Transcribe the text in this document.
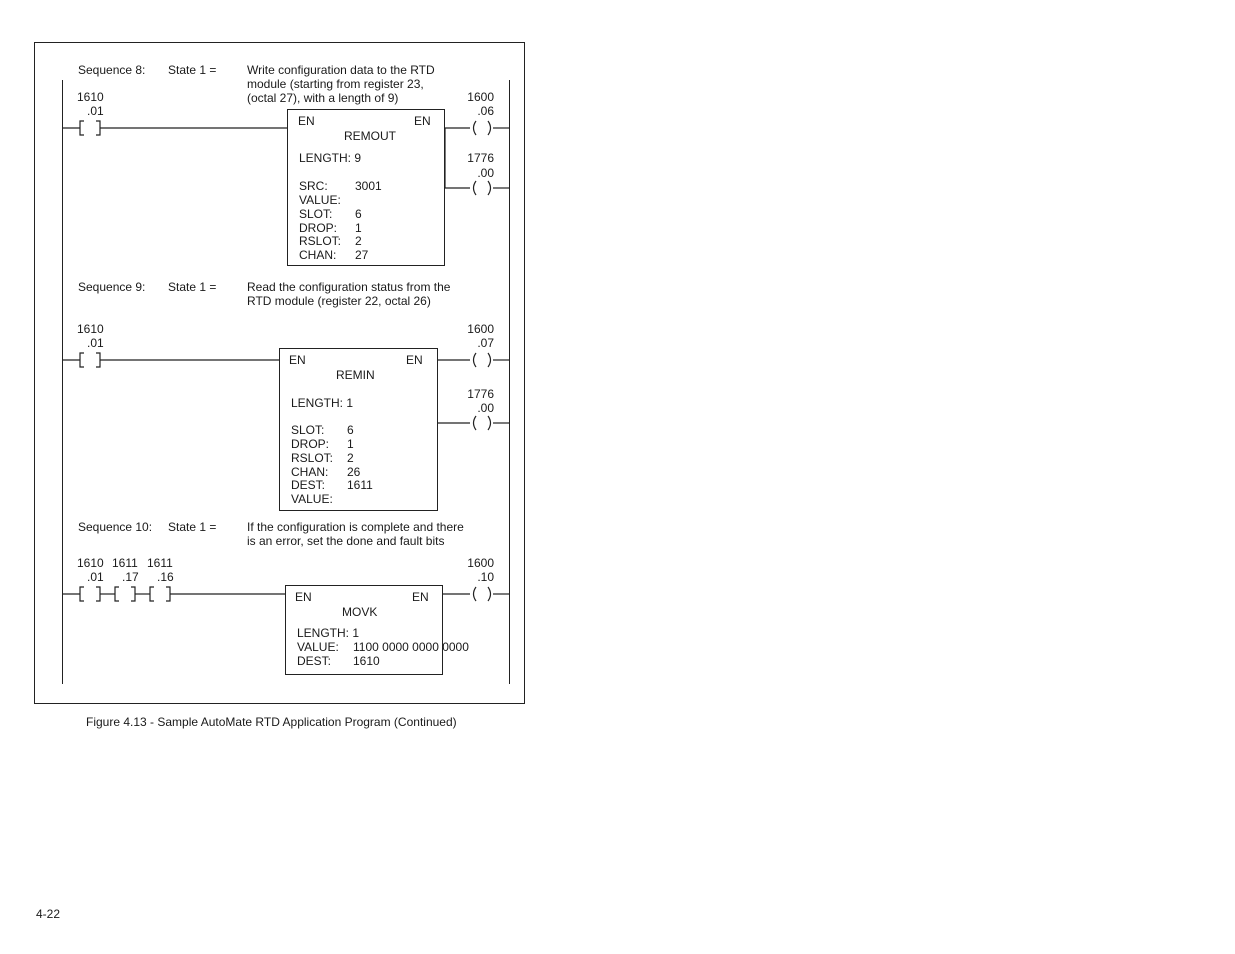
Sequence 8: State 1 =	Write configuration data to the RTD
module (starting from register 23,
(octal 27), with a length of 9)
1610
.01
EN	EN
REMOUT
LENGTH: 9
SRC: 3001
VALUE:
SLOT: 6
DROP: 1
RSLOT: 2
CHAN: 27
1600
.06
1776
.00
Sequence 9: State 1 =	Read the configuration status from the
RTD module (register 22, octal 26)
1610
.01
EN	EN
REMIN
LENGTH: 1
SLOT: 6
DROP: 1
RSLOT: 2
CHAN: 26
DEST: 1611
VALUE:
1600
.07
1776
.00
Sequence 10: State 1 =	If the configuration is complete and there
is an error, set the done and fault bits
1610
.01
1611
.17
1611
.16
EN	EN
MOVK
LENGTH: 1
VALUE: 1100 0000 0000 0000
DEST: 1610
1600
.10
Figure 4.13 - Sample AutoMate RTD Application Program (Continued)
4-22
